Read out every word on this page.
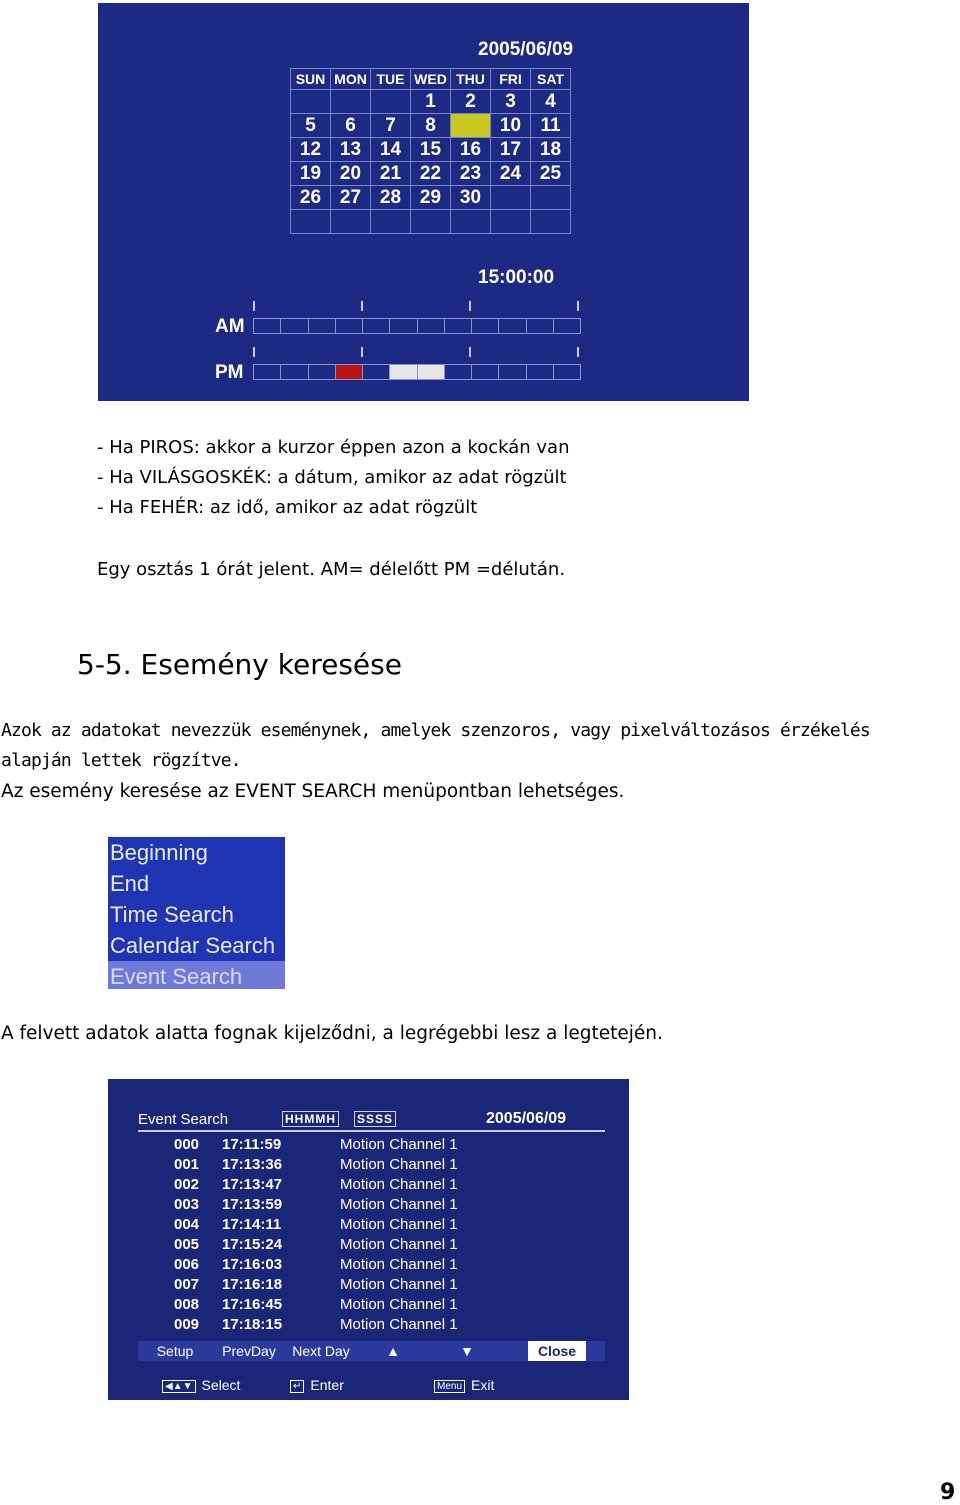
2005/06/09
SUN	MON	TUE	WED	THU	FRI	SAT
			1	2	3	4
5	6	7	8	9	10	11
12	13	14	15	16	17	18
19	20	21	22	23	24	25
26	27	28	29	30		

15:00:00
AM
PM
- Ha PIROS: akkor a kurzor éppen azon a kockán van
- Ha VILÁSGOSKÉK: a dátum, amikor az adat rögzült
- Ha FEHÉR: az idő, amikor az adat rögzült
Egy osztás 1 órát jelent. AM= délelőtt PM =délután.
5-5. Esemény keresése
Azok az adatokat nevezzük eseménynek, amelyek szenzoros, vagy pixelváltozásos érzékelés
alapján lettek rögzítve.
Az esemény keresése az EVENT SEARCH menüpontban lehetséges.
Beginning
End
Time Search
Calendar Search
Event Search
A felvett adatok alatta fognak kijelződni, a legrégebbi lesz a legtetején.
Event Search	HHMMH SSSS	2005/06/09
000	17:11:59	Motion Channel 1
001	17:13:36	Motion Channel 1
002	17:13:47	Motion Channel 1
003	17:13:59	Motion Channel 1
004	17:14:11	Motion Channel 1
005	17:15:24	Motion Channel 1
006	17:16:03	Motion Channel 1
007	17:16:18	Motion Channel 1
008	17:16:45	Motion Channel 1
009	17:18:15	Motion Channel 1
Setup	PrevDay	Next Day	▲	▼	Close
◀▲▼ Select	↵ Enter	Menu Exit
9
